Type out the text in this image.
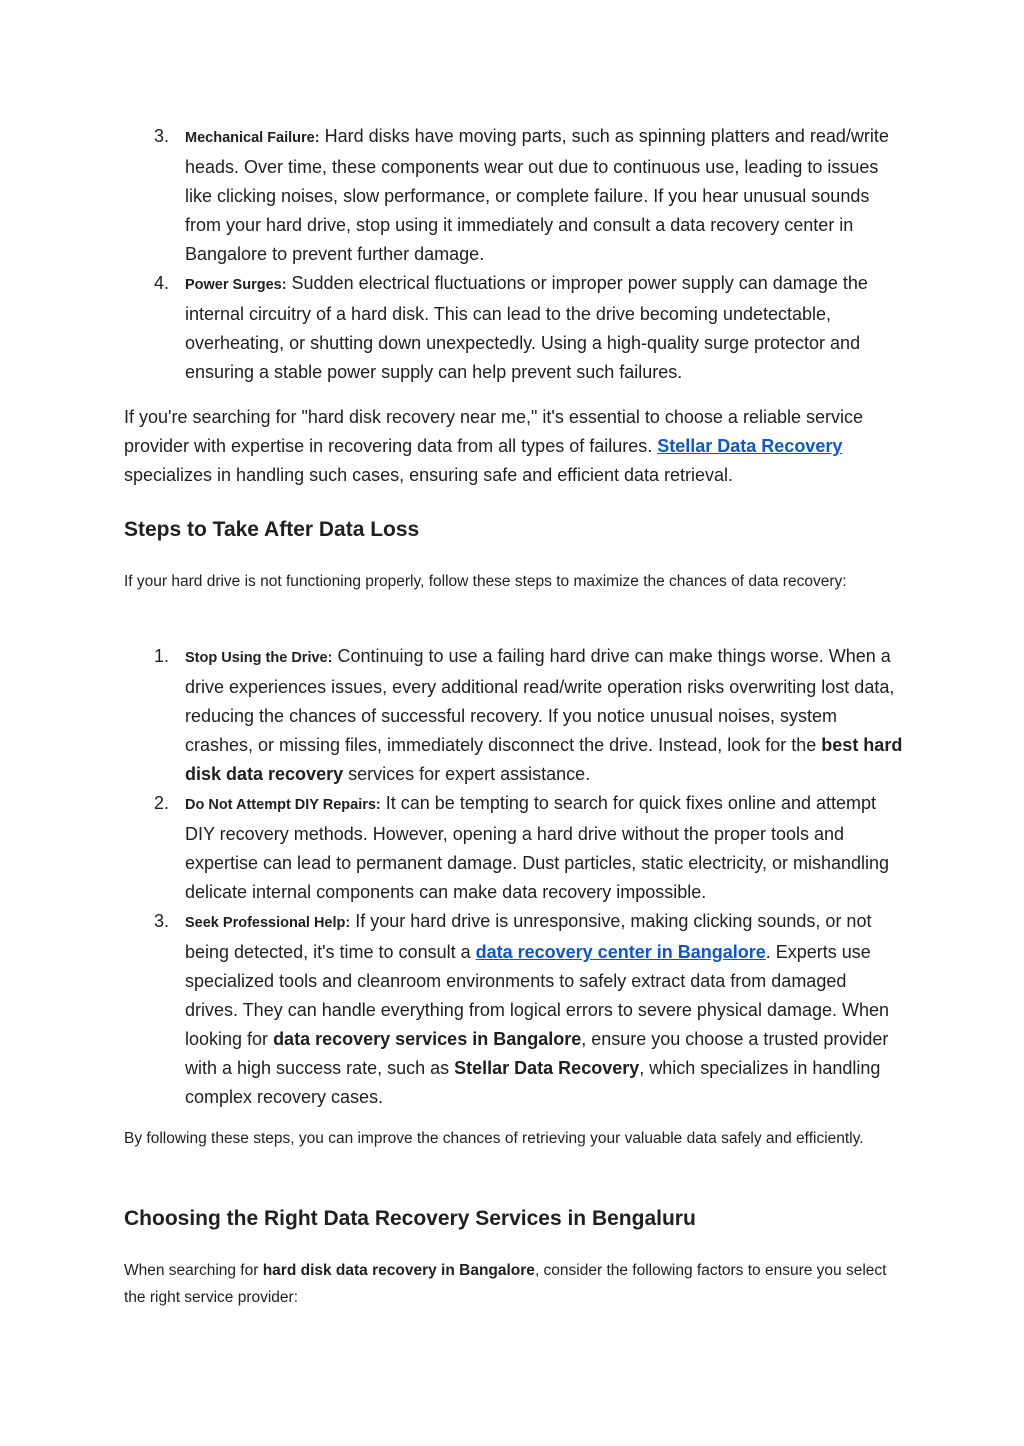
3. Mechanical Failure: Hard disks have moving parts, such as spinning platters and read/write heads. Over time, these components wear out due to continuous use, leading to issues like clicking noises, slow performance, or complete failure. If you hear unusual sounds from your hard drive, stop using it immediately and consult a data recovery center in Bangalore to prevent further damage.
4. Power Surges: Sudden electrical fluctuations or improper power supply can damage the internal circuitry of a hard disk. This can lead to the drive becoming undetectable, overheating, or shutting down unexpectedly. Using a high-quality surge protector and ensuring a stable power supply can help prevent such failures.

If you're searching for "hard disk recovery near me," it's essential to choose a reliable service provider with expertise in recovering data from all types of failures. Stellar Data Recovery specializes in handling such cases, ensuring safe and efficient data retrieval.

Steps to Take After Data Loss

If your hard drive is not functioning properly, follow these steps to maximize the chances of data recovery:

1. Stop Using the Drive: Continuing to use a failing hard drive can make things worse. When a drive experiences issues, every additional read/write operation risks overwriting lost data, reducing the chances of successful recovery. If you notice unusual noises, system crashes, or missing files, immediately disconnect the drive. Instead, look for the best hard disk data recovery services for expert assistance.
2. Do Not Attempt DIY Repairs: It can be tempting to search for quick fixes online and attempt DIY recovery methods. However, opening a hard drive without the proper tools and expertise can lead to permanent damage. Dust particles, static electricity, or mishandling delicate internal components can make data recovery impossible.
3. Seek Professional Help: If your hard drive is unresponsive, making clicking sounds, or not being detected, it's time to consult a data recovery center in Bangalore. Experts use specialized tools and cleanroom environments to safely extract data from damaged drives. They can handle everything from logical errors to severe physical damage. When looking for data recovery services in Bangalore, ensure you choose a trusted provider with a high success rate, such as Stellar Data Recovery, which specializes in handling complex recovery cases.

By following these steps, you can improve the chances of retrieving your valuable data safely and efficiently.

Choosing the Right Data Recovery Services in Bengaluru

When searching for hard disk data recovery in Bangalore, consider the following factors to ensure you select the right service provider:
